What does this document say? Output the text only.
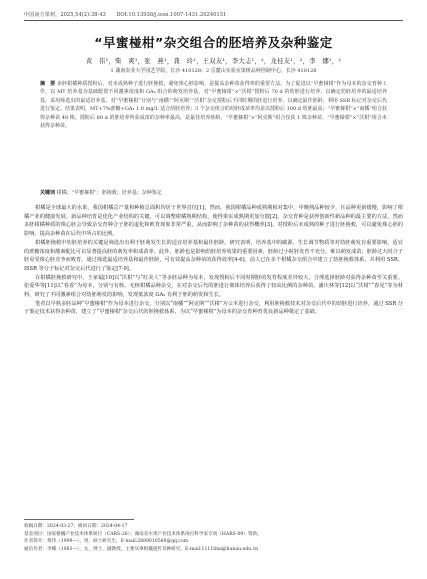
中国南方果树，2025,54(2):38-43　　DOI:10.13938/j.issn.1007-1431.20240151
“早蜜椪柑”杂交组合的胚培养及杂种鉴定
黄　伟¹，柴　爽¹，张　燕¹，龚　玲¹，王双友¹，李大志¹，²，龙桂友¹，²，李　娜¹，²
1 湖南农业大学园艺学院，长沙 410128；2 岳麓山实验室果树品种创制中心，长沙 410128
摘　要 多胚柑橘种质授粉后，对未成熟种子进行胚挽救，避免珠心胚影响，是提高杂种苗获得率的重要方法。为了促进以“早蜜椪柑”作为母本的杂交育种工作，以 MT 培养基为基础配置不同激素浓度和 GA₃ 组合的萌发培养基，对“早蜜椪柑”×“沃柑”授粉后 70 d 的幼胚进行培养，以确定幼胚培养的最适培养基，采用筛选出的最适培养基，对“早蜜椪柑”分别与“南橘”“阿克斯”“沃柑”杂交授粉后不同时期的胚进行培养，以确定最佳胚龄，利用 SSR 标记对杂交后代进行鉴定。结果表明，MT+7%蔗糖+GA₃ 1.0 mg/L 适合幼胚培养；3 个杂交组合的幼胚成苗率均是以授粉后 100 d 幼胚最高；“早蜜椪柑”×“南橘”组合获得杂种苗 48 株，授粉后 80 d 的胚培养所获成苗的杂种率最高，是最佳培养胚龄。“早蜜椪柑”×“阿克斯”组合仅获 1 株杂种苗，“早蜜椪柑”×“沃柑”组合未获得杂种苗。
关键词 柑橘；“早蜜椪柑”；胚挽救；培养基；杂种鉴定

柑橘是全球最大的水果，我国柑橘总产量和种植总面积均居于世界首位[1]。然而，我国柑橘品种成熟期相对集中，中晚熟品种较少，且品种更新缓慢，影响了柑橘产业的健康发展。新品种培育是优化产业结构的关键，可以调整柑橘熟期结构，使得果实成熟期更加分散[2]。杂交育种是获得创新性新品种的最主要的方法，然而多胚柑橘种质的珠心胚会导致杂交育种合子胚的退化和败育现象非常严重，从而影响了杂种苗的获得概率[3]。对授粉后未成熟的种子进行胚挽救，可以避免珠心胚的影响，提高杂种苗在后代中所占的比例。

柑橘胚挽救中幼胚培养的关键是筛选出有利于胚萌发生长的适宜培养基和最佳胚龄。研究表明，培养基中的碳源、生长调节物质等对幼胚萌发有重要影响，适宜的蔗糖浓度和激素配比可以显著提高胚的萌发率和成苗率。此外，胚龄也是影响幼胚培养效果的重要因素，胚龄过小时胚发育不充分，难以萌发成苗；胚龄过大时合子胚易受珠心胚竞争而败育。通过筛选最适培养基和最佳胚龄，可有效提高杂种苗的获得效率[4-6]。前人已在多个柑橘杂交组合中建立了幼胚挽救体系，并利用 SSR、ISSR 等分子标记对杂交后代进行了鉴定[7-9]。

在柑橘胚挽救研究中，王家福[10]以“沃柑”与“红美人”等多胚品种为母本，发现授粉后不同时期胚的发育程度差异较大，合理选择胚龄对获得杂种苗至关重要。张爱华等[11]以“春香”为母本，分别与有核、无核柑橘品种杂交，在对杂交后代的胚进行离体培养后获得了较高比例的杂种苗。潘庆林等[12]以“沃柑”“春见”等为材料，研究了不同激素组合对幼胚萌发的影响，发现低浓度 GA₃ 有利于胚的萌发和生长。

笔者以早熟多胚品种“早蜜椪柑”作为母本进行杂交，分别以“南橘”“阿克斯”“沃柑”为父本进行杂交，利用胚挽救技术对杂交后代中的幼胚进行培养，通过 SSR 分子鉴定技术获得杂种苗，建立了“早蜜椪柑”杂交后代的胚挽救体系，为以“早蜜椪柑”为母本的杂交育种育优良新品种奠定了基础。

收稿日期：2024-03-27；修回日期：2024-04-17
基金项目：国家柑橘产业技术体系项目（CARS-26）；湖南省水果产业技术体系岗位科学家专项（HARS-09）资助。
作者简介：黄伟（1999—），男，硕士研究生，E-mail:2889010569@qq.com
通信作者：李娜（1983—），女，博士，副教授，主要从事柑橘遗传育种研究。E-mail:1111lina@hunau.edu.cn
